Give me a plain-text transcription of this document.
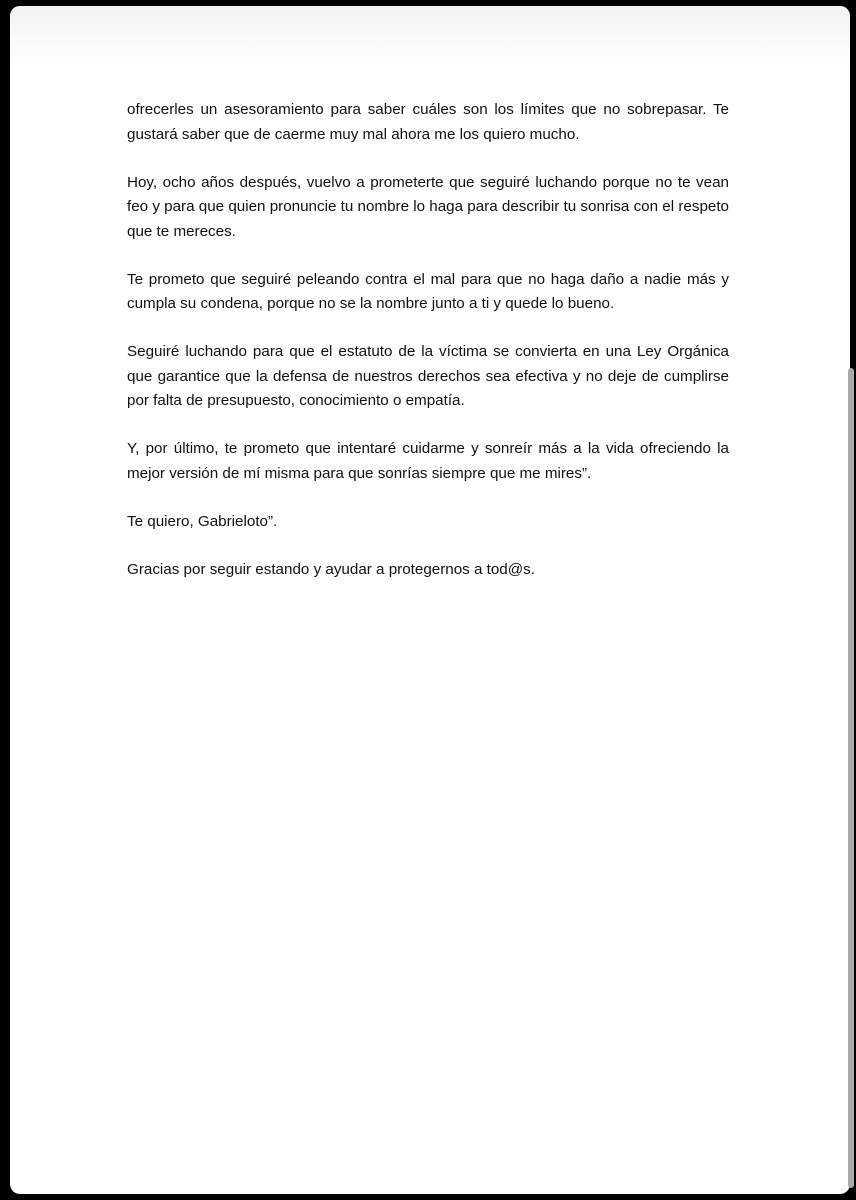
ofrecerles un asesoramiento para saber cuáles son los límites que no sobrepasar. Te gustará saber que de caerme muy mal ahora me los quiero mucho.

Hoy, ocho años después, vuelvo a prometerte que seguiré luchando porque no te vean feo y para que quien pronuncie tu nombre lo haga para describir tu sonrisa con el respeto que te mereces.

Te prometo que seguiré peleando contra el mal para que no haga daño a nadie más y cumpla su condena, porque no se la nombre junto a ti y quede lo bueno.

Seguiré luchando para que el estatuto de la víctima se convierta en una Ley Orgánica que garantice que la defensa de nuestros derechos sea efectiva y no deje de cumplirse por falta de presupuesto, conocimiento o empatía.

Y, por último, te prometo que intentaré cuidarme y sonreír más a la vida ofreciendo la mejor versión de mí misma para que sonrías siempre que me mires”.

Te quiero, Gabrieloto”.

Gracias por seguir estando y ayudar a protegernos a tod@s.
